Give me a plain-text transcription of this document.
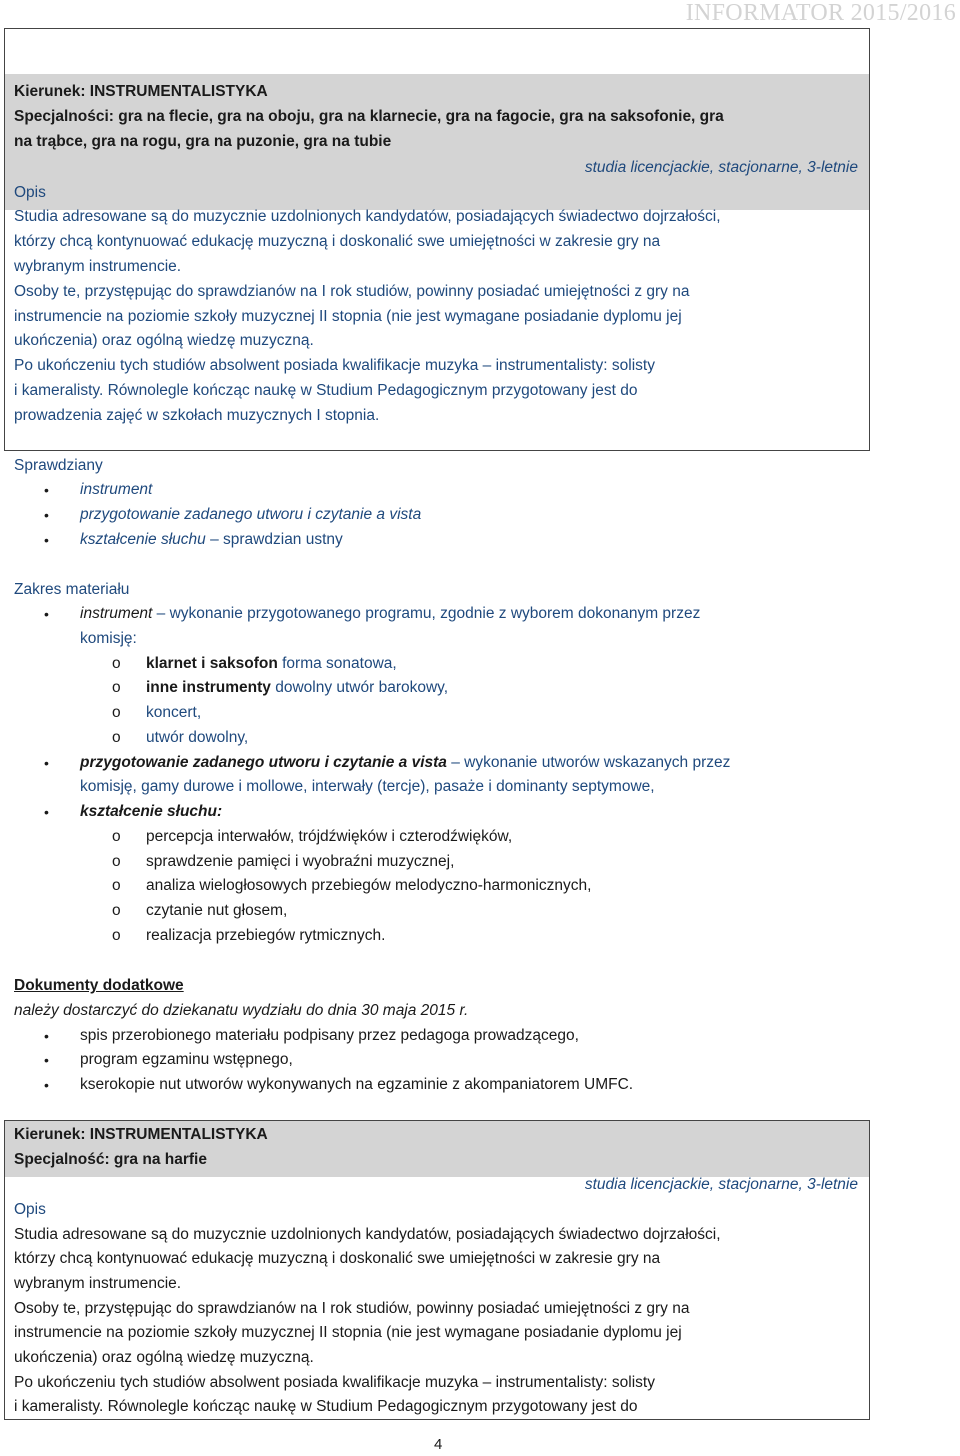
INFORMATOR 2015/2016
Kierunek: INSTRUMENTALISTYKA
Specjalności: gra na flecie, gra na oboju, gra na klarnecie, gra na fagocie, gra na saksofonie, gra
na trąbce, gra na rogu, gra na puzonie, gra na tubie
studia licencjackie, stacjonarne, 3-letnie
Opis
Studia adresowane są do muzycznie uzdolnionych kandydatów, posiadających świadectwo dojrzałości,
którzy chcą kontynuować edukację muzyczną i doskonalić swe umiejętności w zakresie gry na
wybranym instrumencie.
Osoby te, przystępując do sprawdzianów na I rok studiów, powinny posiadać umiejętności z gry na
instrumencie na poziomie szkoły muzycznej II stopnia (nie jest wymagane posiadanie dyplomu jej
ukończenia) oraz ogólną wiedzę muzyczną.
Po ukończeniu tych studiów absolwent posiada kwalifikacje muzyka – instrumentalisty: solisty
i kameralisty. Równolegle kończąc naukę w Studium Pedagogicznym przygotowany jest do
prowadzenia zajęć w szkołach muzycznych I stopnia.
Sprawdziany
• instrument
• przygotowanie zadanego utworu i czytanie a vista
• kształcenie słuchu – sprawdzian ustny
Zakres materiału
• instrument – wykonanie przygotowanego programu, zgodnie z wyborem dokonanym przez
komisję:
o klarnet i saksofon forma sonatowa,
o inne instrumenty dowolny utwór barokowy,
o koncert,
o utwór dowolny,
• przygotowanie zadanego utworu i czytanie a vista – wykonanie utworów wskazanych przez
komisję, gamy durowe i mollowe, interwały (tercje), pasaże i dominanty septymowe,
• kształcenie słuchu:
o percepcja interwałów, trójdźwięków i czterodźwięków,
o sprawdzenie pamięci i wyobraźni muzycznej,
o analiza wielogłosowych przebiegów melodyczno-harmonicznych,
o czytanie nut głosem,
o realizacja przebiegów rytmicznych.
Dokumenty dodatkowe
należy dostarczyć do dziekanatu wydziału do dnia 30 maja 2015 r.
• spis przerobionego materiału podpisany przez pedagoga prowadzącego,
• program egzaminu wstępnego,
• kserokopie nut utworów wykonywanych na egzaminie z akompaniatorem UMFC.
Kierunek: INSTRUMENTALISTYKA
Specjalność: gra na harfie
studia licencjackie, stacjonarne, 3-letnie
Opis
Studia adresowane są do muzycznie uzdolnionych kandydatów, posiadających świadectwo dojrzałości,
którzy chcą kontynuować edukację muzyczną i doskonalić swe umiejętności w zakresie gry na
wybranym instrumencie.
Osoby te, przystępując do sprawdzianów na I rok studiów, powinny posiadać umiejętności z gry na
instrumencie na poziomie szkoły muzycznej II stopnia (nie jest wymagane posiadanie dyplomu jej
ukończenia) oraz ogólną wiedzę muzyczną.
Po ukończeniu tych studiów absolwent posiada kwalifikacje muzyka – instrumentalisty: solisty
i kameralisty. Równolegle kończąc naukę w Studium Pedagogicznym przygotowany jest do
4
